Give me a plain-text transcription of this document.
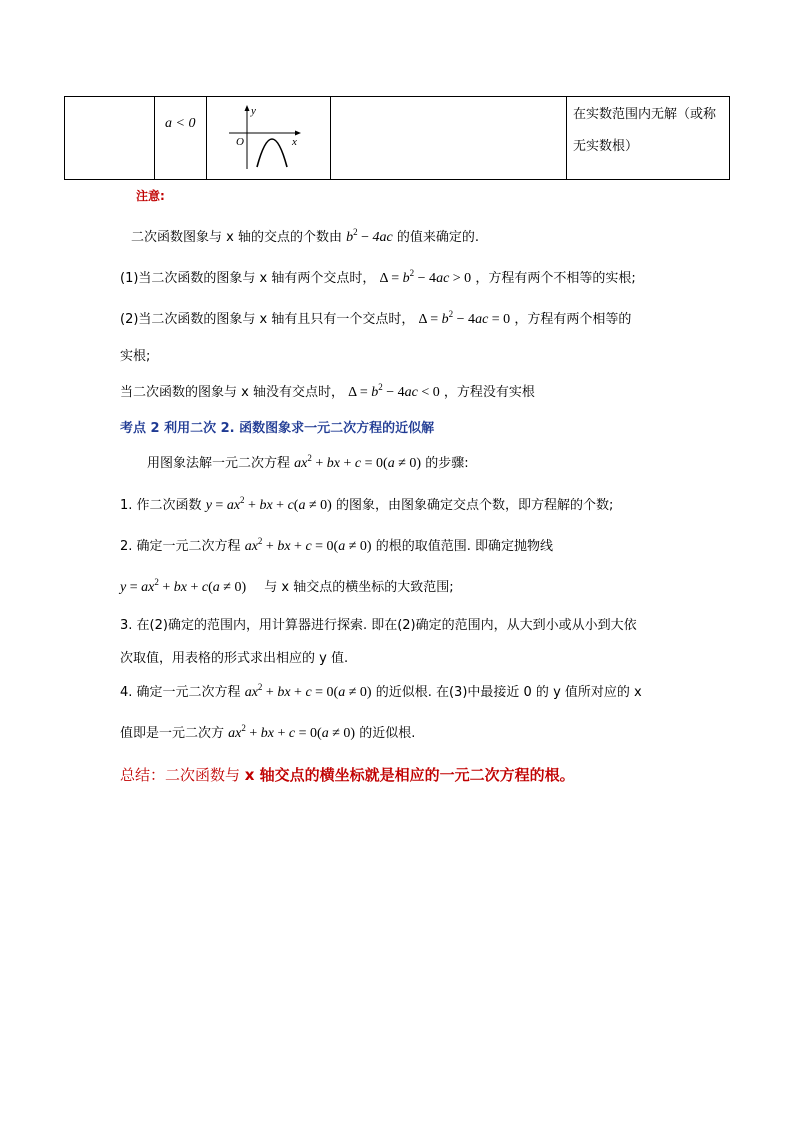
a < 0
y
x
O
在实数范围内无解（或称
无实数根）
注意:
二次函数图象与 x 轴的交点的个数由 $b^2 - 4ac$ 的值来确定的.
(1)当二次函数的图象与 x 轴有两个交点时， $\Delta = b^2 - 4ac > 0$ ，方程有两个不相等的实根;
(2)当二次函数的图象与 x 轴有且只有一个交点时， $\Delta = b^2 - 4ac = 0$ ，方程有两个相等的
实根;
当二次函数的图象与 x 轴没有交点时， $\Delta = b^2 - 4ac < 0$ ，方程没有实根
考点 2 利用二次 2. 函数图象求一元二次方程的近似解
用图象法解一元二次方程 $ax^2$ + bx + c = 0(a ≠ 0) 的步骤:
1. 作二次函数 $y = ax^2$ + bx + c(a ≠ 0) 的图象，由图象确定交点个数，即方程解的个数;
2. 确定一元二次方程 $ax^2$ + bx + c = 0(a ≠ 0) 的根的取值范围. 即确定抛物线
$y = ax^2$ + bx + c(a ≠ 0) 与 x 轴交点的横坐标的大致范围;
3. 在(2)确定的范围内，用计算器进行探索. 即在(2)确定的范围内，从大到小或从小到大依
次取值，用表格的形式求出相应的 y 值.
4. 确定一元二次方程 $ax^2$ + bx + c = 0(a ≠ 0) 的近似根. 在(3)中最接近 0 的 y 值所对应的 x
值即是一元二次方 $ax^2$ + bx + c = 0(a ≠ 0) 的近似根.
总结：二次函数与 x 轴交点的横坐标就是相应的一元二次方程的根。
